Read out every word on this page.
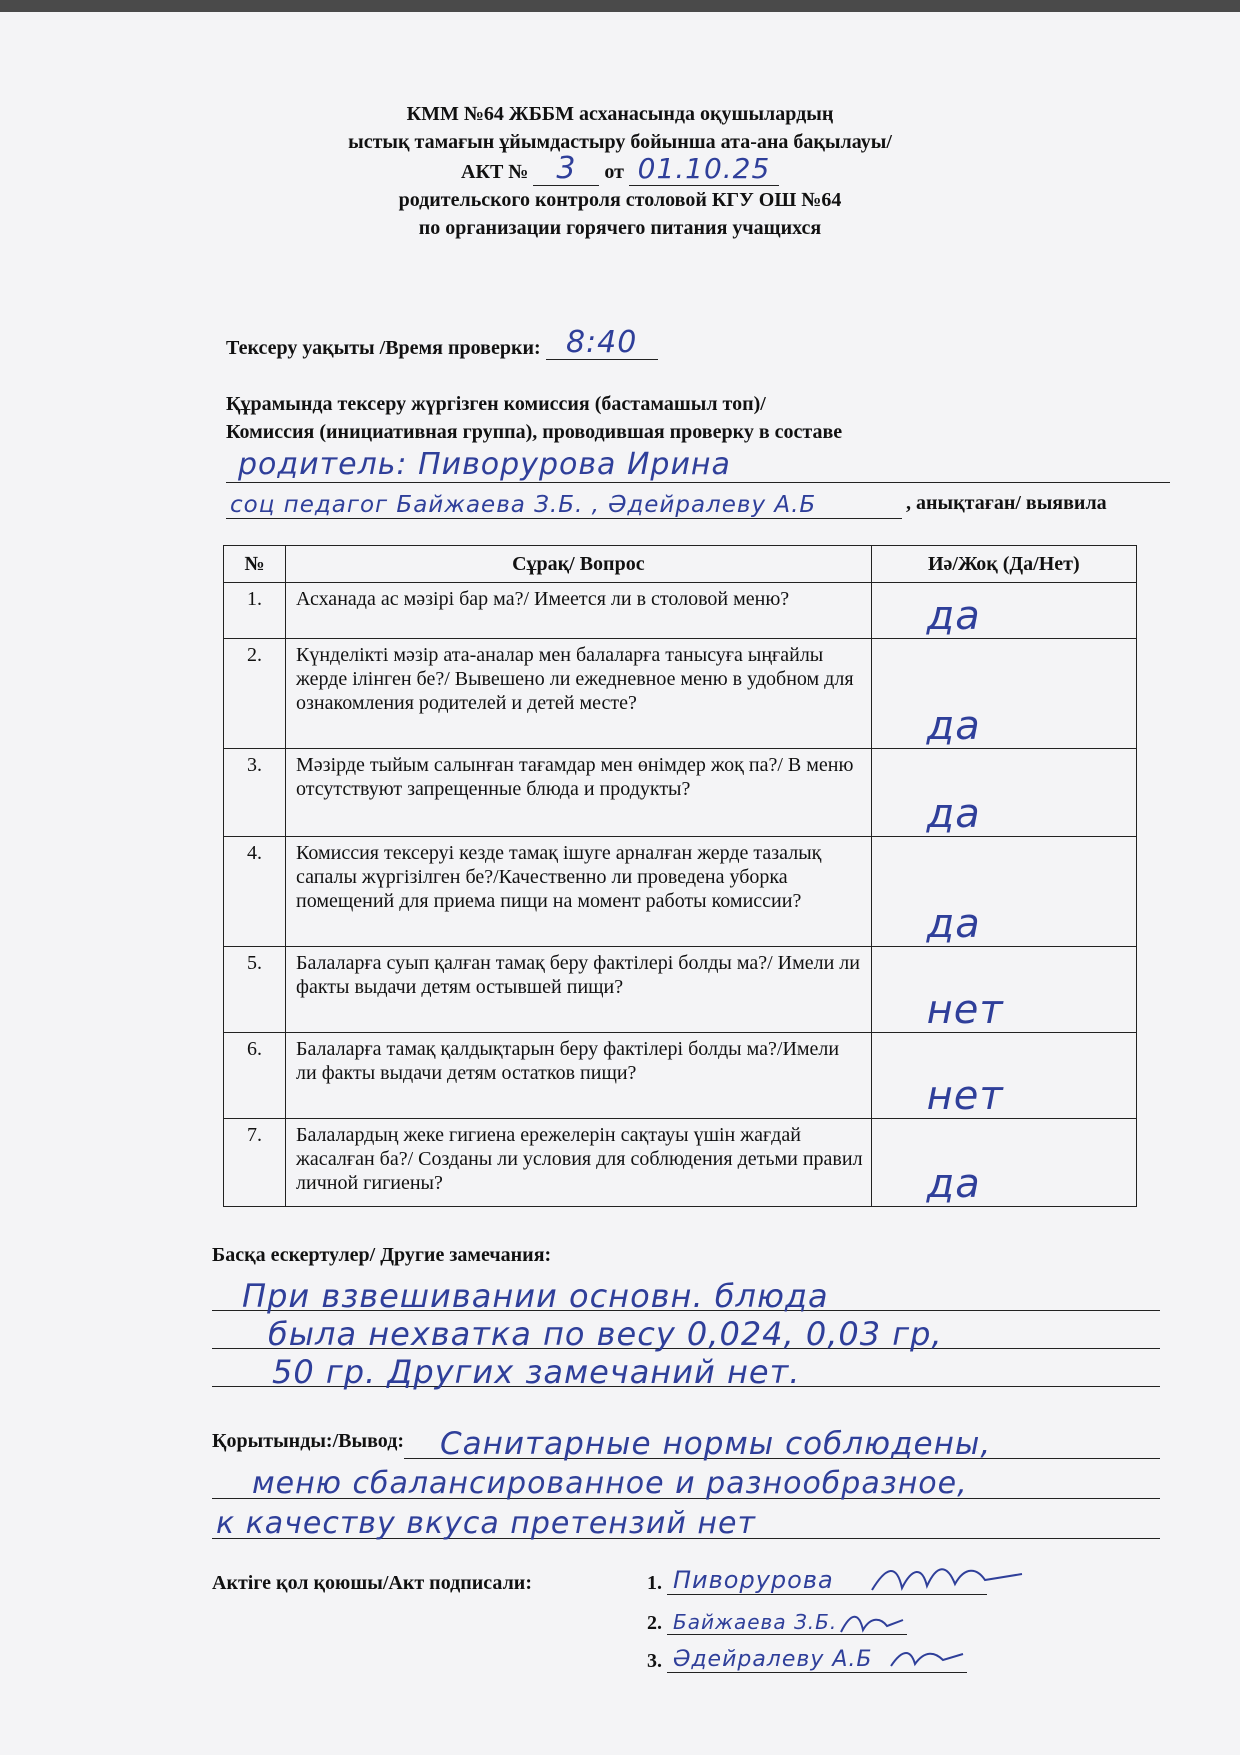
КММ №64 ЖББМ асханасында оқушылардың
ыстық тамағын ұйымдастыру бойынша ата-ана бақылауы/
АКТ № 3 от 01.10.25
родительского контроля столовой КГУ ОШ №64
по организации горячего питания учащихся
Тексеру уақыты /Время проверки: 8:40
Құрамында тексеру жүргізген комиссия (бастамашыл топ)/
Комиссия (инициативная группа), проводившая проверку в составе
родитель: Пиворурова Ирина
соц педагог Байжаева З.Б. , Әдейралеву А.Б	, анықтаған/ выявила
№	Сұрақ/ Вопрос	Иә/Жоқ (Да/Нет)
1.	Асханада ас мәзірі бар ма?/ Имеется ли в столовой меню?	да

2.	Күнделікті мәзір ата-аналар мен балаларға танысуға ыңғайлы жерде ілінген бе?/ Вывешено ли ежедневное меню в удобном для ознакомления родителей и детей месте?	да

3.	Мәзірде тыйым салынған тағамдар мен өнімдер жоқ па?/ В меню отсутствуют запрещенные блюда и продукты?	да

4.	Комиссия тексеруі кезде тамақ ішуге арналған жерде тазалық сапалы жүргізілген бе?/Качественно ли проведена уборка помещений для приема пищи на момент работы комиссии?	да

5.	Балаларға суып қалған тамақ беру фактілері болды ма?/ Имели ли факты выдачи детям остывшей пищи?	нет

6.	Балаларға тамақ қалдықтарын беру фактілері болды ма?/Имели ли факты выдачи детям остатков пищи?	нет

7.	Балалардың жеке гигиена ережелерін сақтауы үшін жағдай жасалған ба?/ Созданы ли условия для соблюдения детьми правил личной гигиены?	да
Басқа ескертулер/ Другие замечания:
При взвешивании основн. блюда
была нехватка по весу 0,024, 0,03 гр,
50 гр. Других замечаний нет.
Қорытынды:/Вывод: Санитарные нормы соблюдены,
меню сбалансированное и разнообразное,
к качеству вкуса претензий нет
Актіге қол қоюшы/Акт подписали:	1. Пиворурова
2. Байжаева З.Б.
3. Әдейралеву А.Б
